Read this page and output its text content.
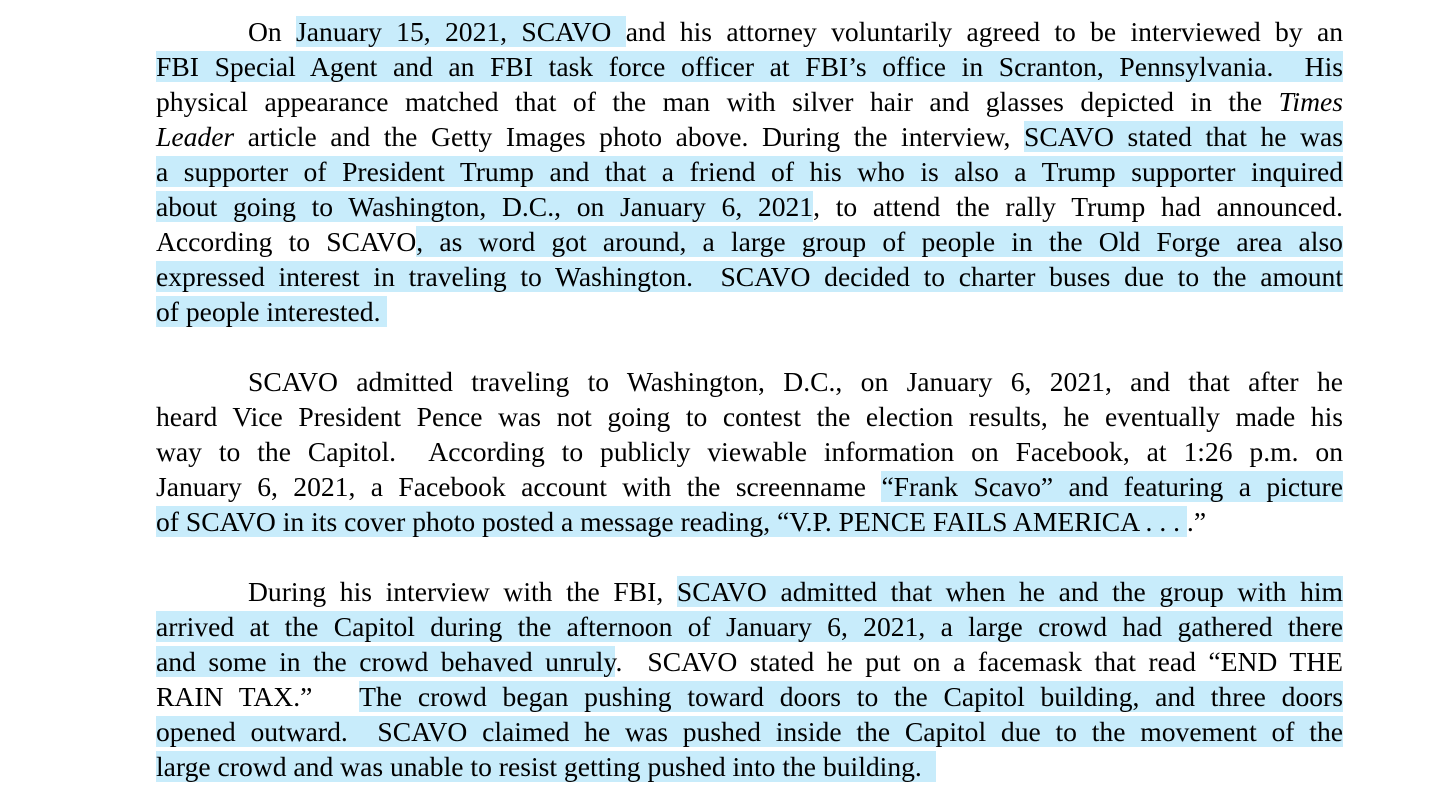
On January 15, 2021, SCAVO and his attorney voluntarily agreed to be interviewed by an
FBI Special Agent and an FBI task force officer at FBI’s office in Scranton, Pennsylvania.  His
physical appearance matched that of the man with silver hair and glasses depicted in the Times
Leader article and the Getty Images photo above. During the interview, SCAVO stated that he was
a supporter of President Trump and that a friend of his who is also a Trump supporter inquired
about going to Washington, D.C., on January 6, 2021, to attend the rally Trump had announced.
According to SCAVO, as word got around, a large group of people in the Old Forge area also
expressed interest in traveling to Washington.  SCAVO decided to charter buses due to the amount
of people interested.
SCAVO admitted traveling to Washington, D.C., on January 6, 2021, and that after he
heard Vice President Pence was not going to contest the election results, he eventually made his
way to the Capitol.  According to publicly viewable information on Facebook, at 1:26 p.m. on
January 6, 2021, a Facebook account with the screenname “Frank Scavo” and featuring a picture
of SCAVO in its cover photo posted a message reading, “V.P. PENCE FAILS AMERICA . . . .”
During his interview with the FBI, SCAVO admitted that when he and the group with him
arrived at the Capitol during the afternoon of January 6, 2021, a large crowd had gathered there
and some in the crowd behaved unruly.  SCAVO stated he put on a facemask that read “END THE
RAIN TAX.”   The crowd began pushing toward doors to the Capitol building, and three doors
opened outward.  SCAVO claimed he was pushed inside the Capitol due to the movement of the
large crowd and was unable to resist getting pushed into the building.
